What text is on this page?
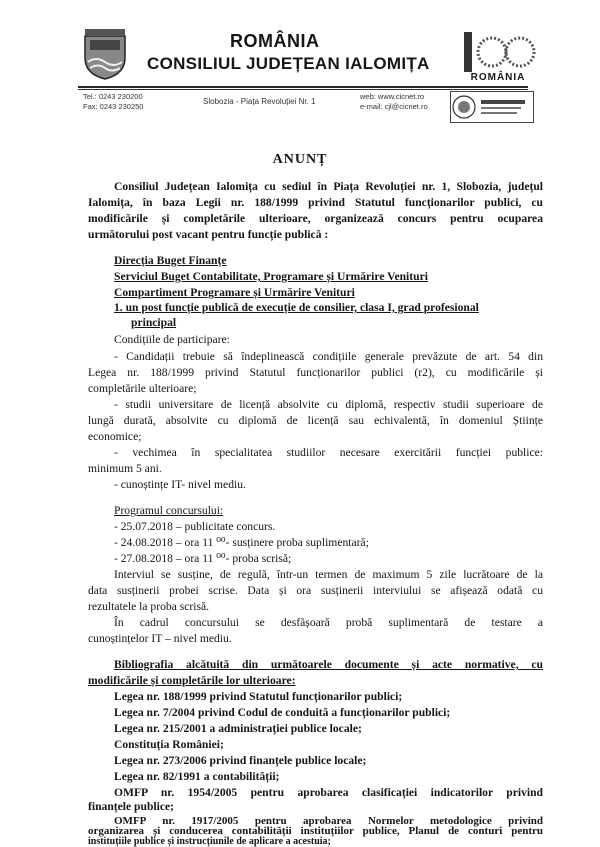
ROMÂNIA
CONSILIUL JUDEȚEAN IALOMIȚA
ROMÂNIA
Tel.: 0243 230200
Fax: 0243 230250
Slobozia - Piața Revoluției Nr. 1
web: www.cicnet.ro
e-mail: cjl@cicnet.ro
ANUNȚ
Consiliul Județean Ialomița cu sediul în Piața Revoluției nr. 1, Slobozia, județul
Ialomița, în baza Legii nr. 188/1999 privind Statutul funcționarilor publici, cu
modificările și completările ulterioare, organizează concurs pentru ocuparea
următorului post vacant pentru funcție publică :
Direcția Buget Finanțe
Serviciul Buget Contabilitate, Programare și Urmărire Venituri
Compartiment Programare și Urmărire Venituri
1. un post funcție publică de execuție de consilier, clasa I, grad profesional
principal
Condițiile de participare:
- Candidații trebuie să îndeplinească condițiile generale prevăzute de art. 54 din
Legea nr. 188/1999 privind Statutul funcționarilor publici (r2), cu modificările și
completările ulterioare;
- studii universitare de licență absolvite cu diplomă, respectiv studii superioare de
lungă durată, absolvite cu diplomă de licență sau echivalentă, în domeniul Științe
economice;
- vechimea în specialitatea studiilor necesare exercitării funcției publice:
minimum 5 ani.
- cunoștințe IT- nivel mediu.
Programul concursului:
- 25.07.2018 – publicitate concurs.
- 24.08.2018 – ora 11 ⁰⁰- susținere proba suplimentară;
- 27.08.2018 – ora 11 ⁰⁰- proba scrisă;
Interviul se susține, de regulă, într-un termen de maximum 5 zile lucrătoare de la
data susținerii probei scrise. Data și ora susținerii interviului se afișează odată cu
rezultatele la proba scrisă.
În cadrul concursului se desfășoară probă suplimentară de testare a
cunoștințelor IT – nivel mediu.
Bibliografia alcătuită din următoarele documente și acte normative, cu
modificările și completările lor ulterioare:
Legea nr. 188/1999 privind Statutul funcționarilor publici;
Legea nr. 7/2004 privind Codul de conduită a funcționarilor publici;
Legea nr. 215/2001 a administrației publice locale;
Constituția României;
Legea nr. 273/2006 privind finanțele publice locale;
Legea nr. 82/1991 a contabilității;
OMFP nr. 1954/2005 pentru aprobarea clasificației indicatorilor privind
finanțele publice;
OMFP nr. 1917/2005 pentru aprobarea Normelor metodologice privind
organizarea și conducerea contabilității instituțiilor publice, Planul de conturi pentru
instituțiile publice și instrucțiunile de aplicare a acestuia;
